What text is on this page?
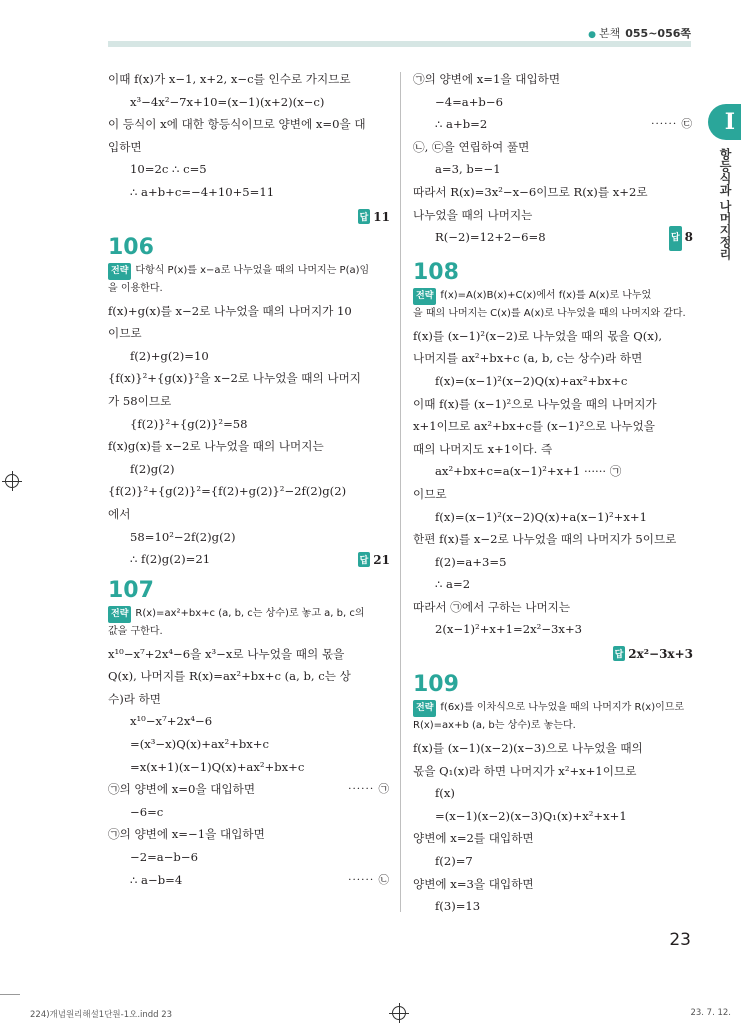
● 본책 055~056쪽
I
항등식과 나머지정리
이때 f(x)가 x−1, x+2, x−c를 인수로 가지므로
x³−4x²−7x+10=(x−1)(x+2)(x−c)
이 등식이 x에 대한 항등식이므로 양변에 x=0을 대
입하면
10=2c ∴ c=5
∴ a+b+c=−4+10+5=11
답 11
106
전략 다항식 P(x)를 x−a로 나누었을 때의 나머지는 P(a)임
을 이용한다.
f(x)+g(x)를 x−2로 나누었을 때의 나머지가 10
이므로
f(2)+g(2)=10
{f(x)}²+{g(x)}²을 x−2로 나누었을 때의 나머지
가 58이므로
{f(2)}²+{g(2)}²=58
f(x)g(x)를 x−2로 나누었을 때의 나머지는
f(2)g(2)
{f(2)}²+{g(2)}²={f(2)+g(2)}²−2f(2)g(2)
에서
58=10²−2f(2)g(2)
∴ f(2)g(2)=21	답 21
107
전략 R(x)=ax²+bx+c (a, b, c는 상수)로 놓고 a, b, c의
값을 구한다.
x¹⁰−x⁷+2x⁴−6을 x³−x로 나누었을 때의 몫을
Q(x), 나머지를 R(x)=ax²+bx+c (a, b, c는 상
수)라 하면
x¹⁰−x⁷+2x⁴−6
=(x³−x)Q(x)+ax²+bx+c
=x(x+1)(x−1)Q(x)+ax²+bx+c
······ ㉠
㉠의 양변에 x=0을 대입하면
−6=c
㉠의 양변에 x=−1을 대입하면
−2=a−b−6
∴ a−b=4	······ ㉡
㉠의 양변에 x=1을 대입하면
−4=a+b−6
∴ a+b=2	······ ㉢
㉡, ㉢을 연립하여 풀면
a=3, b=−1
따라서 R(x)=3x²−x−6이므로 R(x)를 x+2로
나누었을 때의 나머지는
R(−2)=12+2−6=8	답 8
108
전략 f(x)=A(x)B(x)+C(x)에서 f(x)를 A(x)로 나누었
을 때의 나머지는 C(x)를 A(x)로 나누었을 때의 나머지와 같다.
f(x)를 (x−1)²(x−2)로 나누었을 때의 몫을 Q(x),
나머지를 ax²+bx+c (a, b, c는 상수)라 하면
f(x)=(x−1)²(x−2)Q(x)+ax²+bx+c
이때 f(x)를 (x−1)²으로 나누었을 때의 나머지가
x+1이므로 ax²+bx+c를 (x−1)²으로 나누었을
때의 나머지도 x+1이다. 즉
ax²+bx+c=a(x−1)²+x+1 ······ ㉠
이므로
f(x)=(x−1)²(x−2)Q(x)+a(x−1)²+x+1
한편 f(x)를 x−2로 나누었을 때의 나머지가 5이므로
f(2)=a+3=5
∴ a=2
따라서 ㉠에서 구하는 나머지는
2(x−1)²+x+1=2x²−3x+3
답 2x²−3x+3
109
전략 f(6x)를 이차식으로 나누었을 때의 나머지가 R(x)이므로
R(x)=ax+b (a, b는 상수)로 놓는다.
f(x)를 (x−1)(x−2)(x−3)으로 나누었을 때의
몫을 Q₁(x)라 하면 나머지가 x²+x+1이므로
f(x)
=(x−1)(x−2)(x−3)Q₁(x)+x²+x+1
양변에 x=2를 대입하면
f(2)=7
양변에 x=3을 대입하면
f(3)=13
23
224)개념원리해설1단원-1오.indd 23	23. 7. 12.
